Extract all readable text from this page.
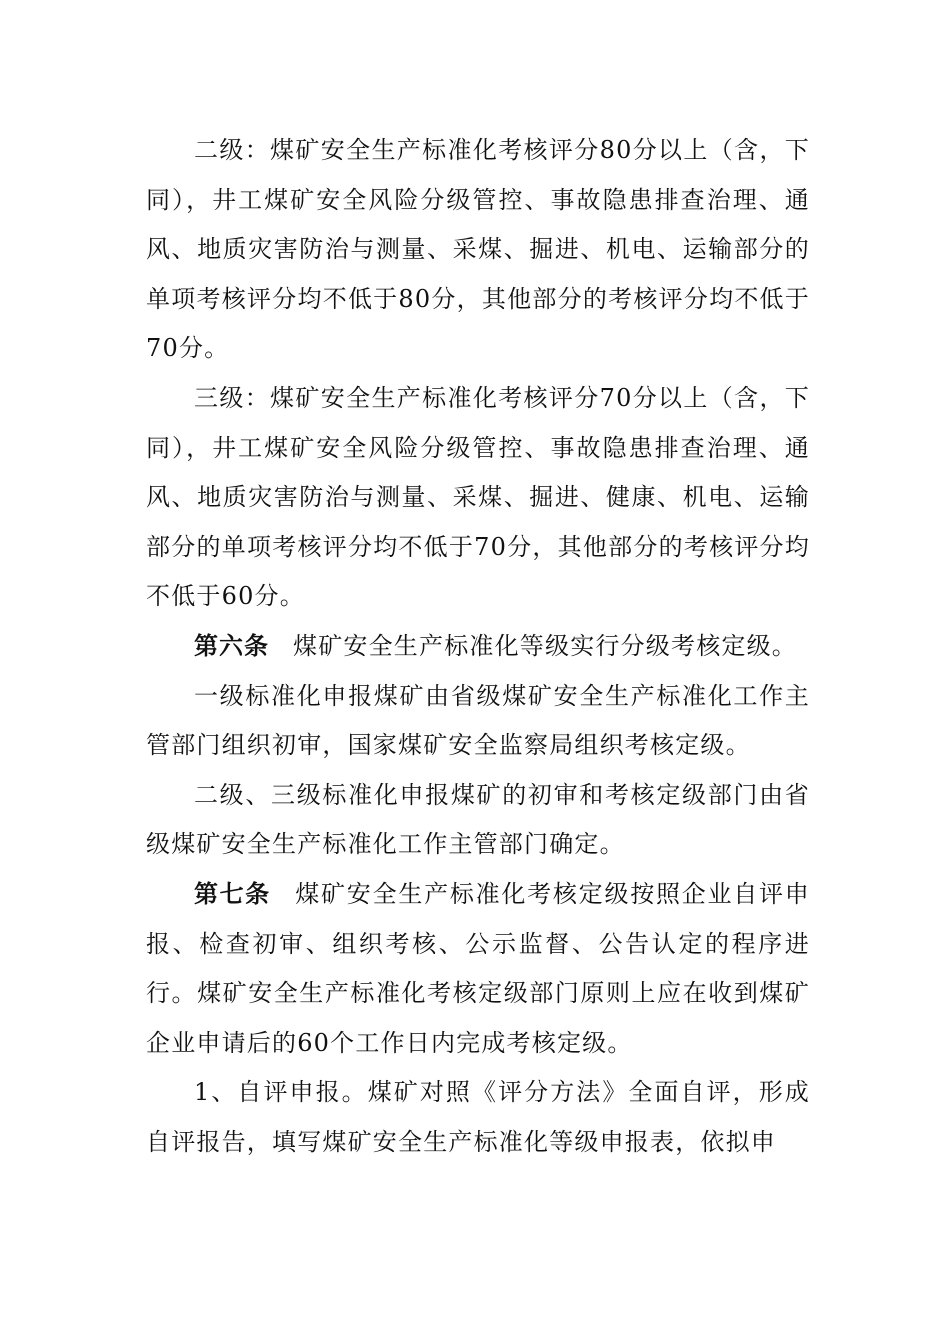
二级：煤矿安全生产标准化考核评分80分以上（含，下同），井工煤矿安全风险分级管控、事故隐患排查治理、通风、地质灾害防治与测量、采煤、掘进、机电、运输部分的单项考核评分均不低于80分，其他部分的考核评分均不低于70分。

三级：煤矿安全生产标准化考核评分70分以上（含，下同），井工煤矿安全风险分级管控、事故隐患排查治理、通风、地质灾害防治与测量、采煤、掘进、健康、机电、运输部分的单项考核评分均不低于70分，其他部分的考核评分均不低于60分。

第六条 煤矿安全生产标准化等级实行分级考核定级。

一级标准化申报煤矿由省级煤矿安全生产标准化工作主管部门组织初审，国家煤矿安全监察局组织考核定级。

二级、三级标准化申报煤矿的初审和考核定级部门由省级煤矿安全生产标准化工作主管部门确定。

第七条 煤矿安全生产标准化考核定级按照企业自评申报、检查初审、组织考核、公示监督、公告认定的程序进行。煤矿安全生产标准化考核定级部门原则上应在收到煤矿企业申请后的60个工作日内完成考核定级。

1、自评申报。煤矿对照《评分方法》全面自评，形成自评报告，填写煤矿安全生产标准化等级申报表，依拟申
